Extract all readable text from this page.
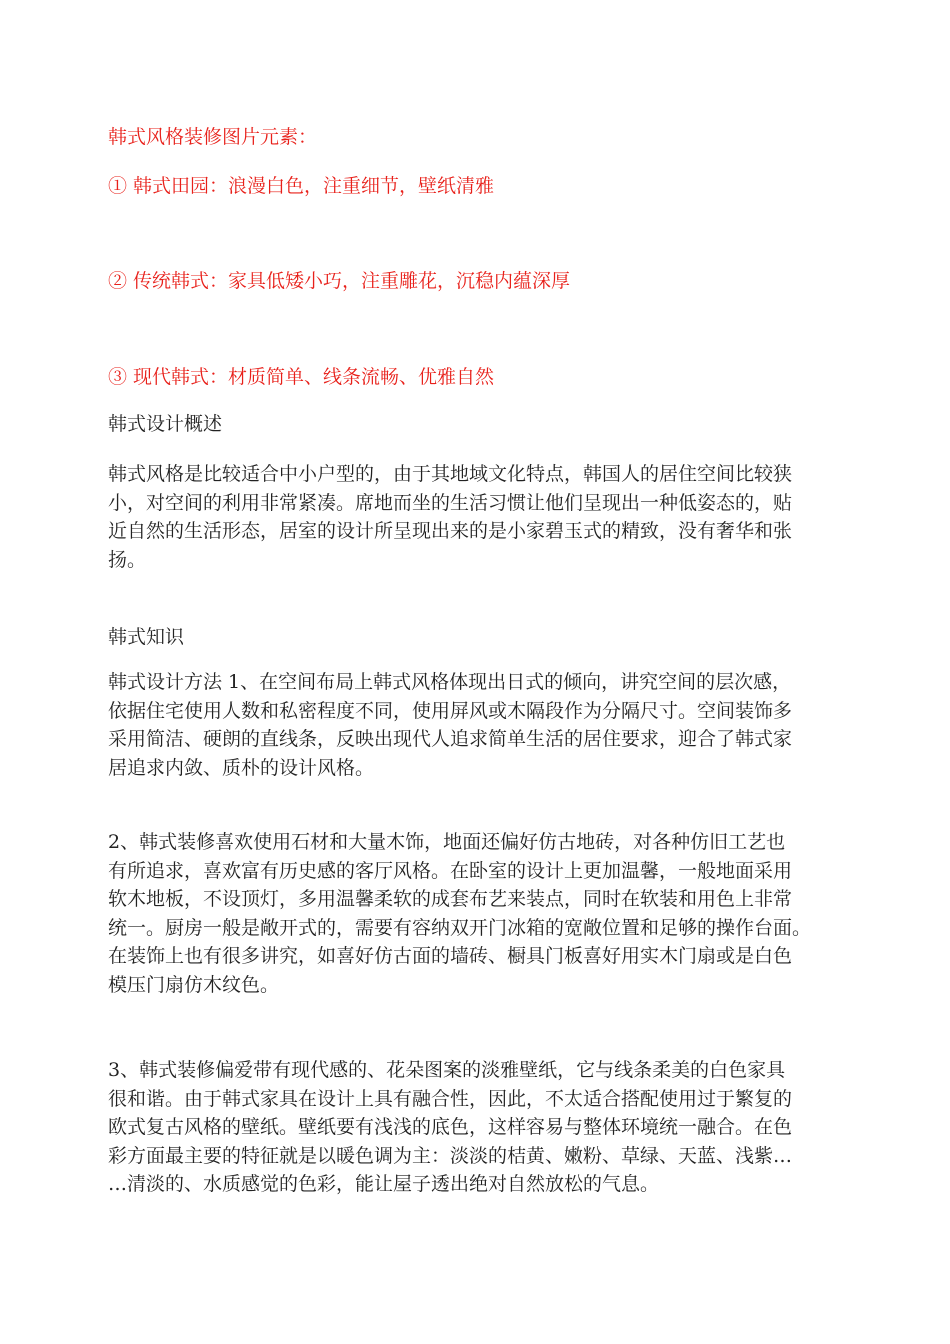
韩式风格装修图片元素：
① 韩式田园：浪漫白色，注重细节，壁纸清雅
② 传统韩式：家具低矮小巧，注重雕花，沉稳内蕴深厚
③ 现代韩式：材质简单、线条流畅、优雅自然
韩式设计概述
韩式风格是比较适合中小户型的，由于其地域文化特点，韩国人的居住空间比较狭
小，对空间的利用非常紧凑。席地而坐的生活习惯让他们呈现出一种低姿态的，贴
近自然的生活形态，居室的设计所呈现出来的是小家碧玉式的精致，没有奢华和张
扬。
韩式知识
韩式设计方法 1、在空间布局上韩式风格体现出日式的倾向，讲究空间的层次感，
依据住宅使用人数和私密程度不同，使用屏风或木隔段作为分隔尺寸。空间装饰多
采用简洁、硬朗的直线条，反映出现代人追求简单生活的居住要求，迎合了韩式家
居追求内敛、质朴的设计风格。
2、韩式装修喜欢使用石材和大量木饰，地面还偏好仿古地砖，对各种仿旧工艺也
有所追求，喜欢富有历史感的客厅风格。在卧室的设计上更加温馨，一般地面采用
软木地板，不设顶灯，多用温馨柔软的成套布艺来装点，同时在软装和用色上非常
统一。厨房一般是敞开式的，需要有容纳双开门冰箱的宽敞位置和足够的操作台面。
在装饰上也有很多讲究，如喜好仿古面的墙砖、橱具门板喜好用实木门扇或是白色
模压门扇仿木纹色。
3、韩式装修偏爱带有现代感的、花朵图案的淡雅壁纸，它与线条柔美的白色家具
很和谐。由于韩式家具在设计上具有融合性，因此，不太适合搭配使用过于繁复的
欧式复古风格的壁纸。壁纸要有浅浅的底色，这样容易与整体环境统一融合。在色
彩方面最主要的特征就是以暖色调为主：淡淡的桔黄、嫩粉、草绿、天蓝、浅紫…
…清淡的、水质感觉的色彩，能让屋子透出绝对自然放松的气息。
